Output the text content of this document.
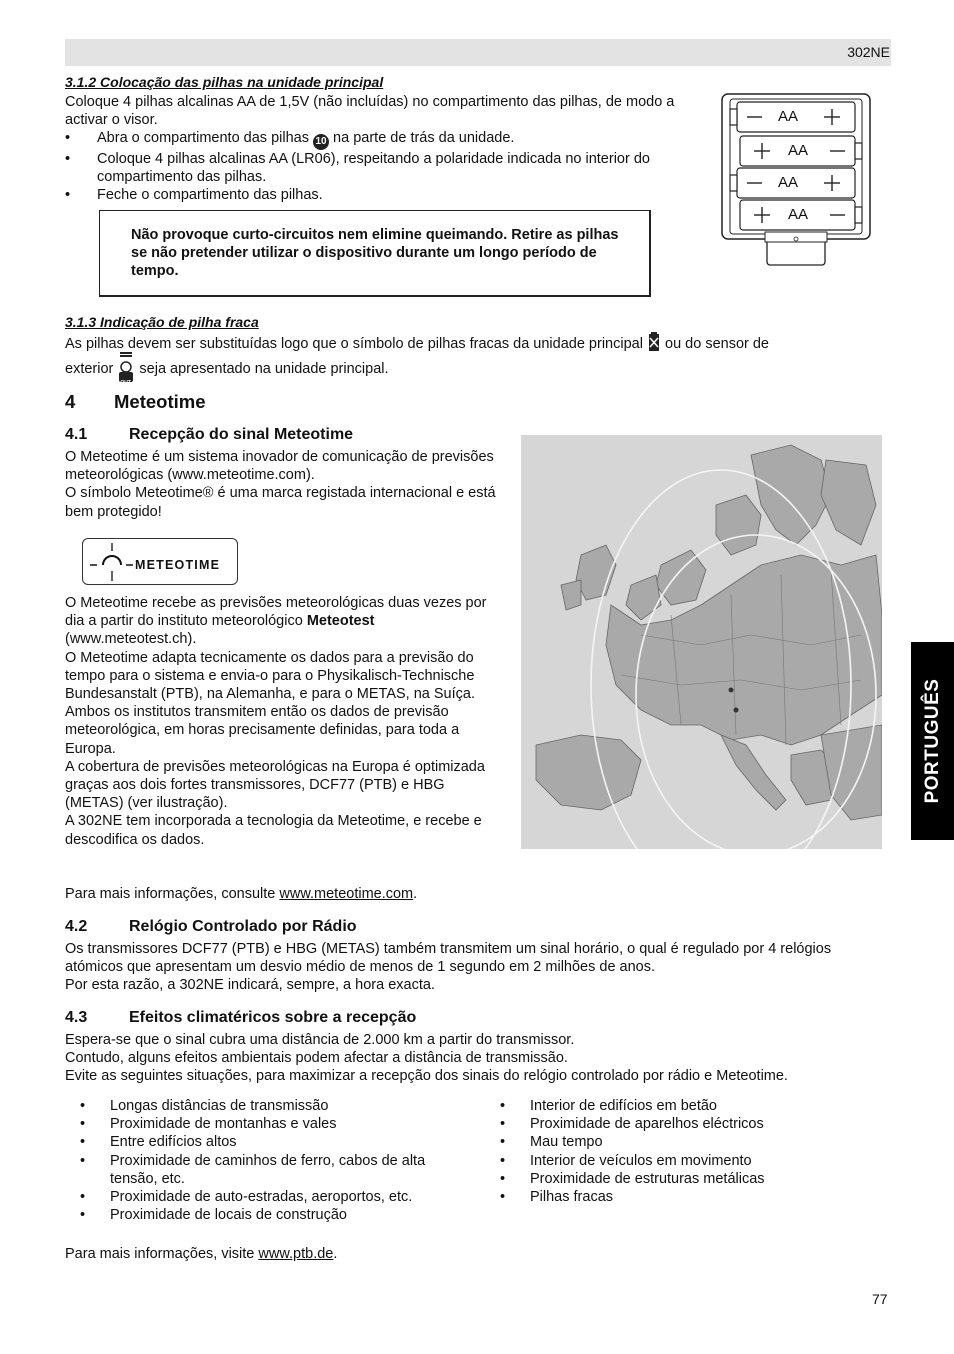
302NE
PORTUGUÊS
3.1.2 Colocação das pilhas na unidade principal
Coloque 4 pilhas alcalinas AA de 1,5V (não incluídas) no compartimento das pilhas, de modo a activar o visor.
• Abra o compartimento das pilhas 10 na parte de trás da unidade.
• Coloque 4 pilhas alcalinas AA (LR06), respeitando a polaridade indicada no interior do compartimento das pilhas.
• Feche o compartimento das pilhas.
AA
AA
AA
AA

Não provoque curto-circuitos nem elimine queimando. Retire as pilhas se não pretender utilizar o dispositivo durante um longo período de tempo.

3.1.3 Indicação de pilha fraca
As pilhas devem ser substituídas logo que o símbolo de pilhas fracas da unidade principal ou do sensor de
exterior
OUT
seja apresentado na unidade principal.
4 Meteotime
4.1	Recepção do sinal Meteotime
O Meteotime é um sistema inovador de comunicação de previsões meteorológicas (www.meteotime.com).
O símbolo Meteotime® é uma marca registada internacional e está bem protegido!
METEOTIME
O Meteotime recebe as previsões meteorológicas duas vezes por dia a partir do instituto meteorológico Meteotest
(www.meteotest.ch).
O Meteotime adapta tecnicamente os dados para a previsão do tempo para o sistema e envia-o para o Physikalisch-Technische Bundesanstalt (PTB), na Alemanha, e para o METAS, na Suíça.
Ambos os institutos transmitem então os dados de previsão meteorológica, em horas precisamente definidas, para toda a Europa.
A cobertura de previsões meteorológicas na Europa é optimizada graças aos dois fortes transmissores, DCF77 (PTB) e HBG (METAS) (ver ilustração).
A 302NE tem incorporada a tecnologia da Meteotime, e recebe e descodifica os dados.
Para mais informações, consulte www.meteotime.com.
4.2	Relógio Controlado por Rádio
Os transmissores DCF77 (PTB) e HBG (METAS) também transmitem um sinal horário, o qual é regulado por 4 relógios atómicos que apresentam um desvio médio de menos de 1 segundo em 2 milhões de anos.
Por esta razão, a 302NE indicará, sempre, a hora exacta.
4.3	Efeitos climatéricos sobre a recepção
Espera-se que o sinal cubra uma distância de 2.000 km a partir do transmissor.
Contudo, alguns efeitos ambientais podem afectar a distância de transmissão.
Evite as seguintes situações, para maximizar a recepção dos sinais do relógio controlado por rádio e Meteotime.
• Longas distâncias de transmissão
• Proximidade de montanhas e vales
• Entre edifícios altos
• Proximidade de caminhos de ferro, cabos de alta tensão, etc.
• Proximidade de auto-estradas, aeroportos, etc.
• Proximidade de locais de construção
• Interior de edifícios em betão
• Proximidade de aparelhos eléctricos
• Mau tempo
• Interior de veículos em movimento
• Proximidade de estruturas metálicas
• Pilhas fracas
Para mais informações, visite www.ptb.de.
77
